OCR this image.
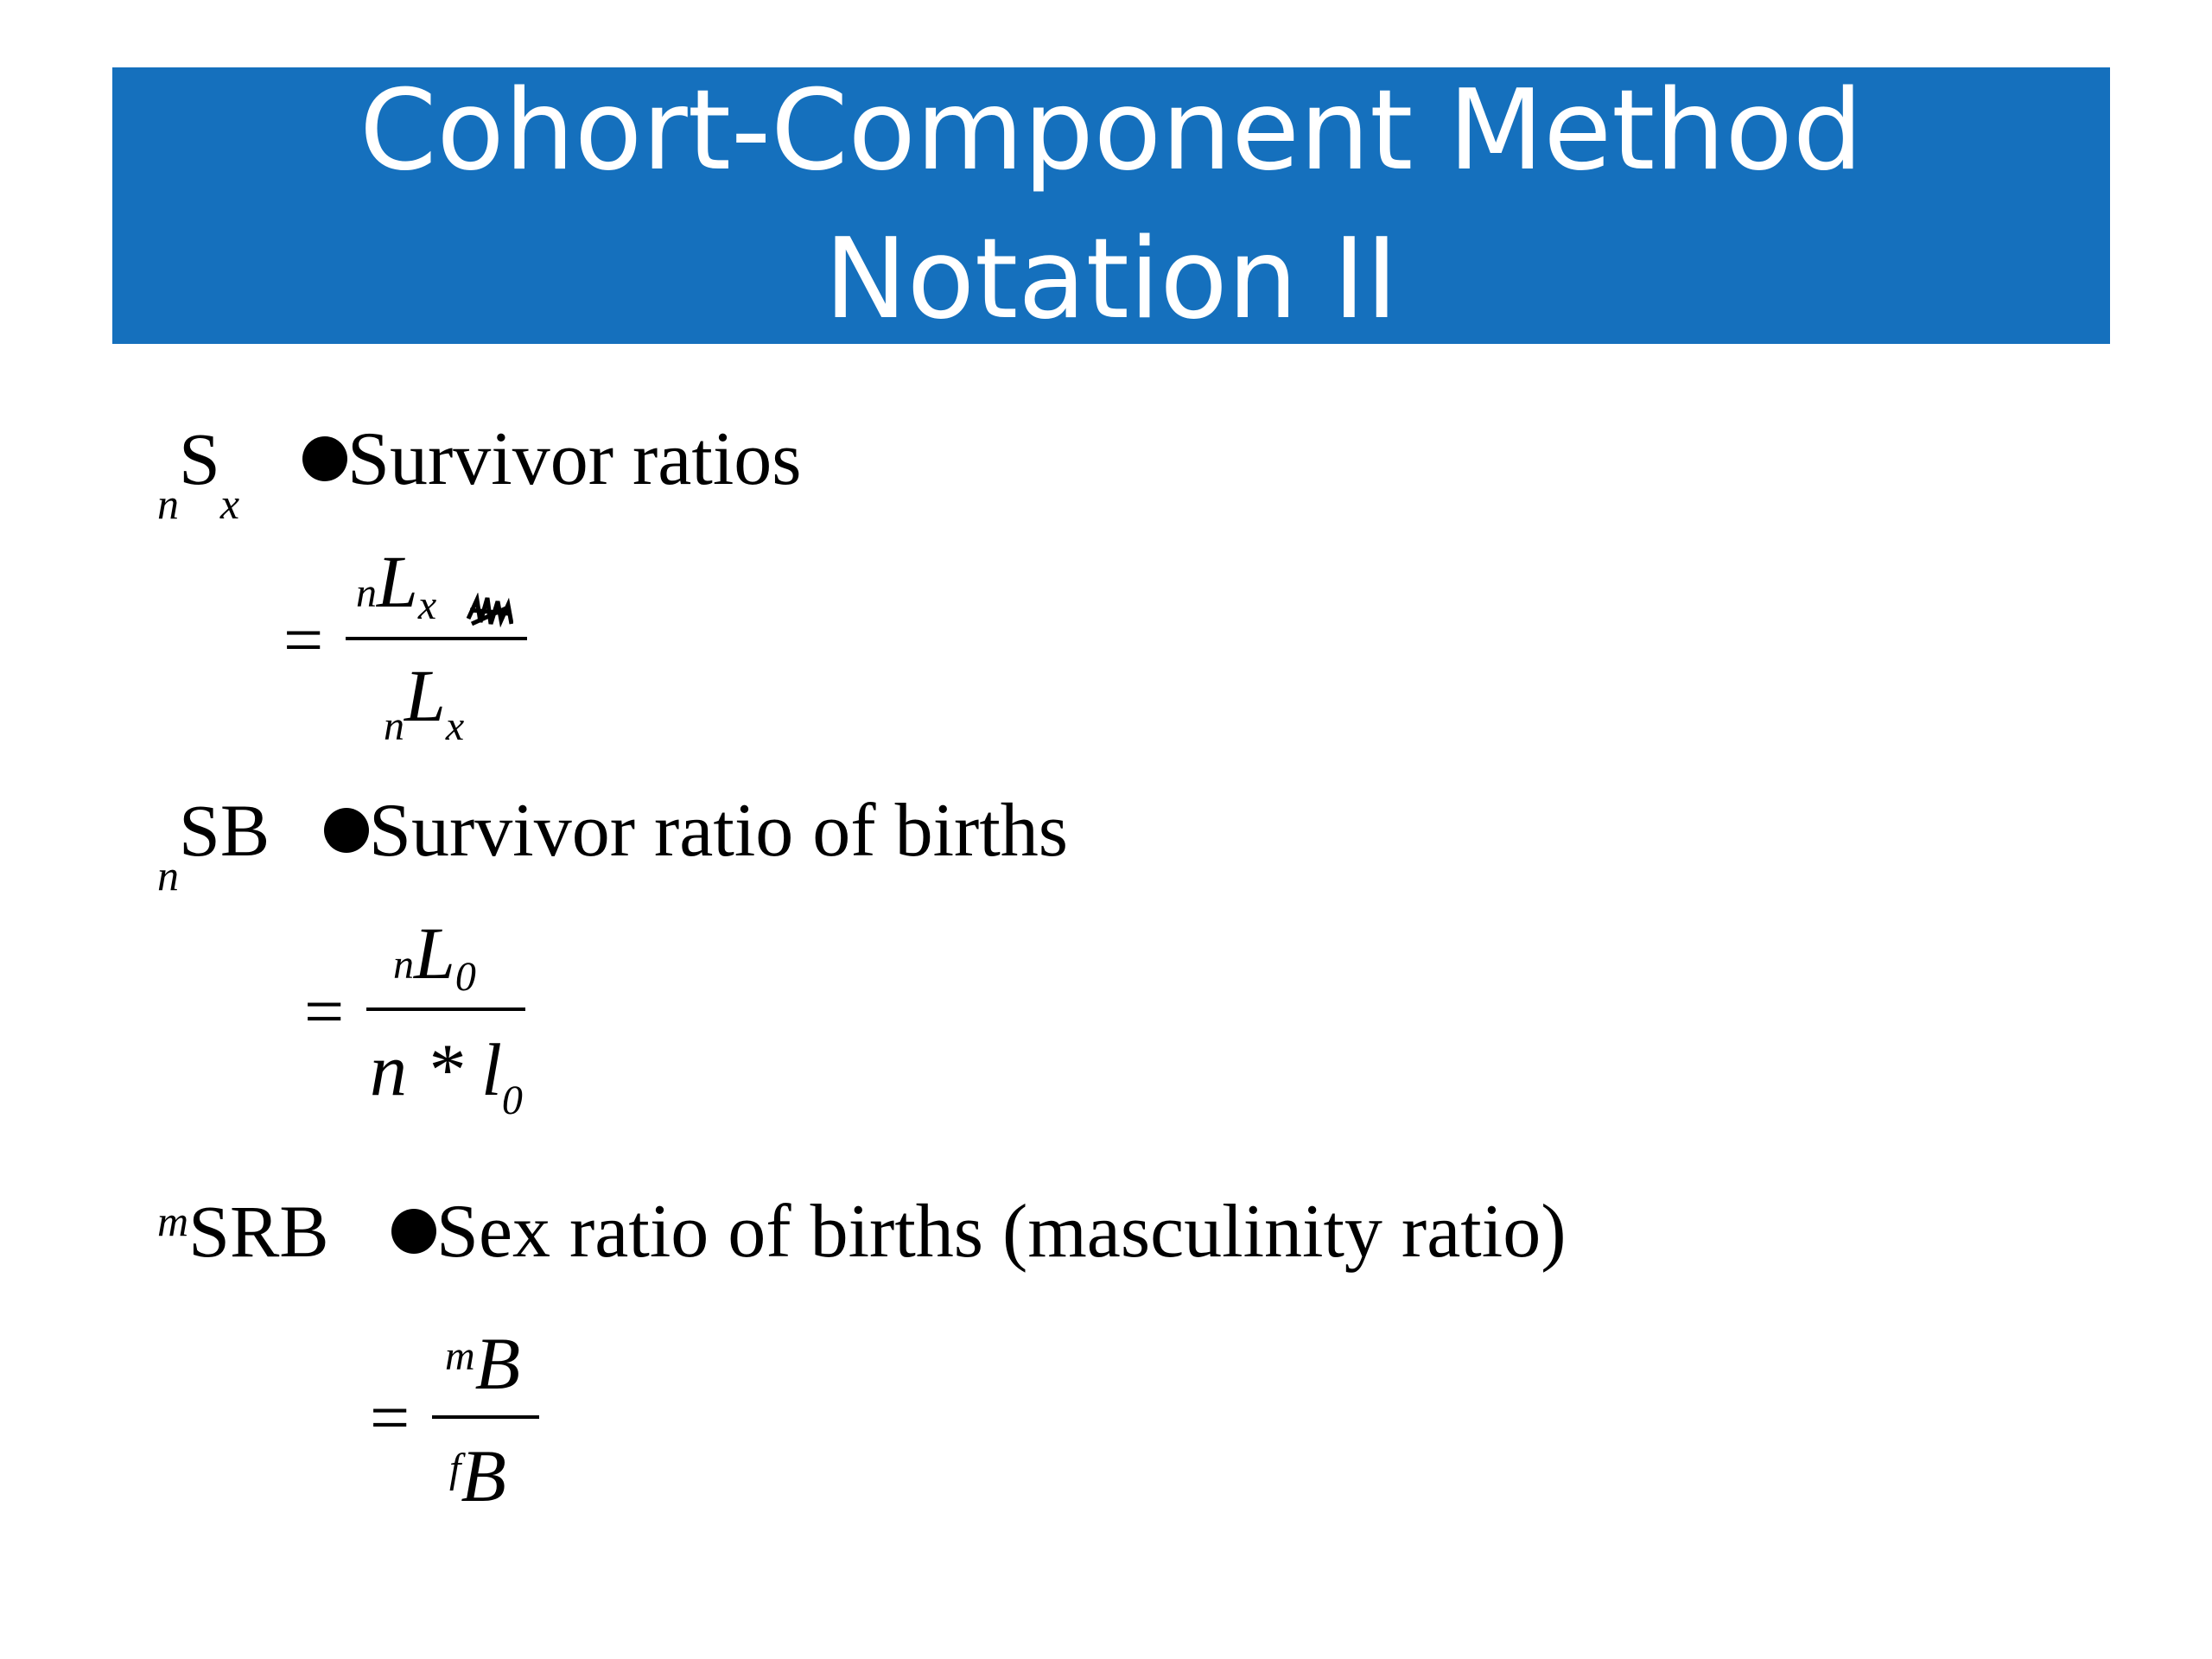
Cohort-Component Method
Notation II
$_nS_x$
Survivor ratios
=
nLx
$_nL_x$
$_n$SB Survivor ratio of births
=
nL0
n * $l_0$
$^m$SRB Sex ratio of births (masculinity ratio)
=
$^m$B
$^f$B
